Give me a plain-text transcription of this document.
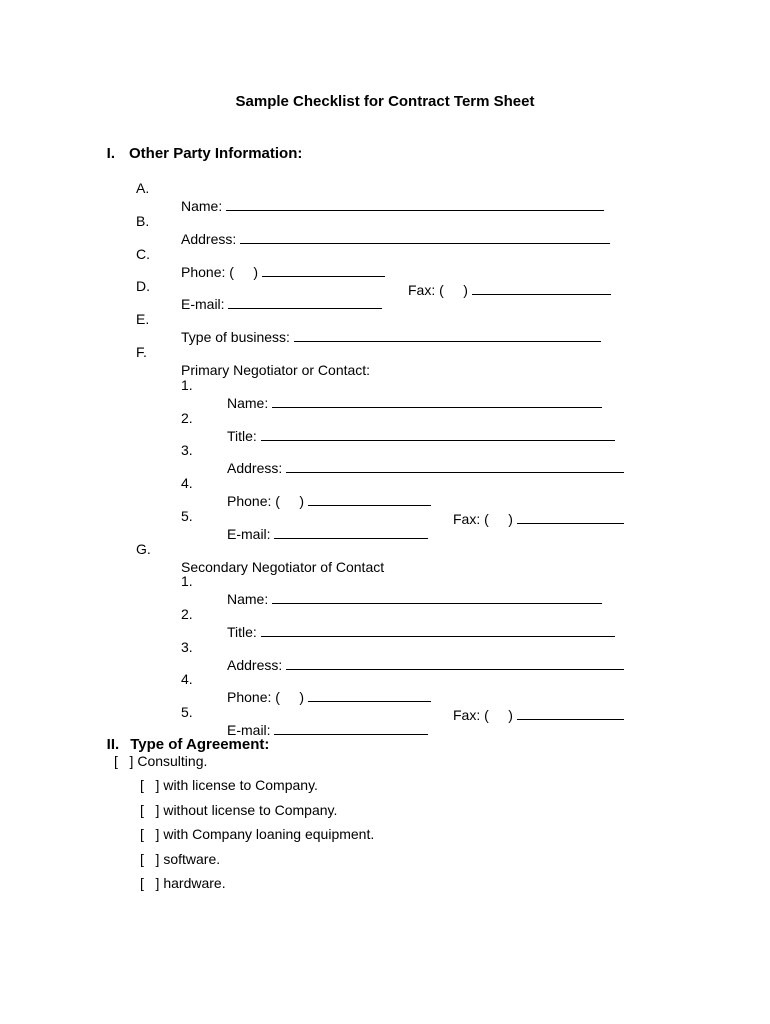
Sample Checklist for Contract Term Sheet

I. Other Party Information:

A.

Name:

B.

Address:

C.

Phone: (     )

Fax: (     )

D.

E-mail:

E.

Type of business:

F.

Primary Negotiator or Contact:

1.

Name:

2.

Title:

3.

Address:

4.

Phone: (     )

Fax: (     )

5.

E-mail:

G.

Secondary Negotiator of Contact

1.

Name:

2.

Title:

3.

Address:

4.

Phone: (     )

Fax: (     )

5.

E-mail:

II. Type of Agreement:

[   ] Consulting.
[   ] with license to Company.
[   ] without license to Company.
[   ] with Company loaning equipment.
[   ] software.
[   ] hardware.
